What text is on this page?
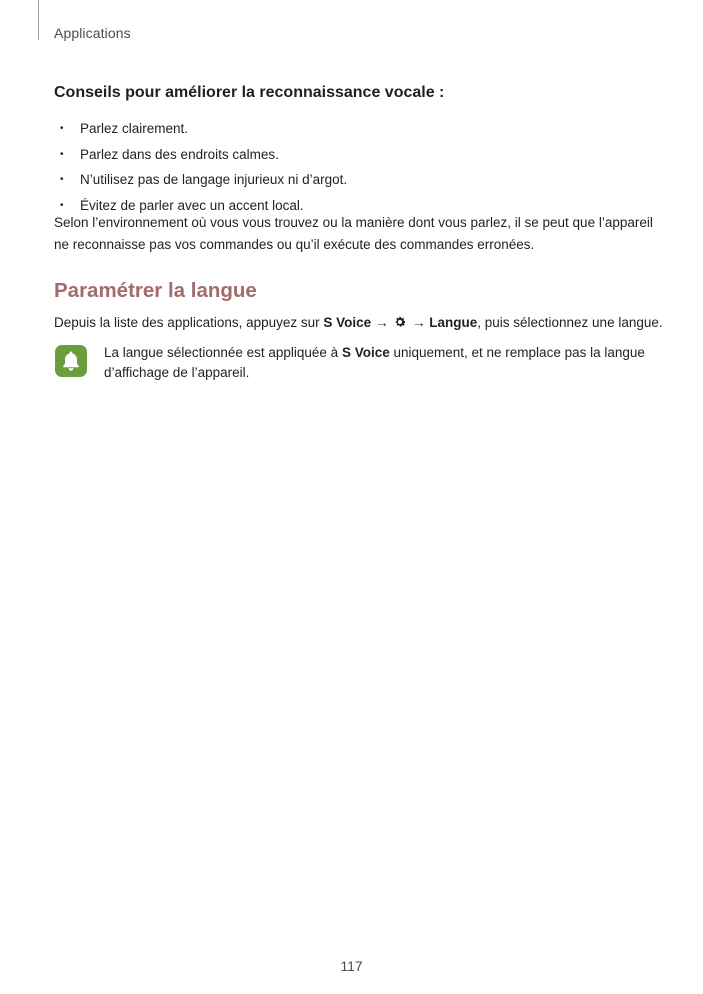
Applications
Conseils pour améliorer la reconnaissance vocale :
• Parlez clairement.
• Parlez dans des endroits calmes.
• N’utilisez pas de langage injurieux ni d’argot.
• Évitez de parler avec un accent local.
Selon l’environnement où vous vous trouvez ou la manière dont vous parlez, il se peut que l’appareil
ne reconnaisse pas vos commandes ou qu’il exécute des commandes erronées.
Paramétrer la langue
Depuis la liste des applications, appuyez sur S Voice →  → Langue, puis sélectionnez une langue.
La langue sélectionnée est appliquée à S Voice uniquement, et ne remplace pas la langue
d’affichage de l’appareil.
117
